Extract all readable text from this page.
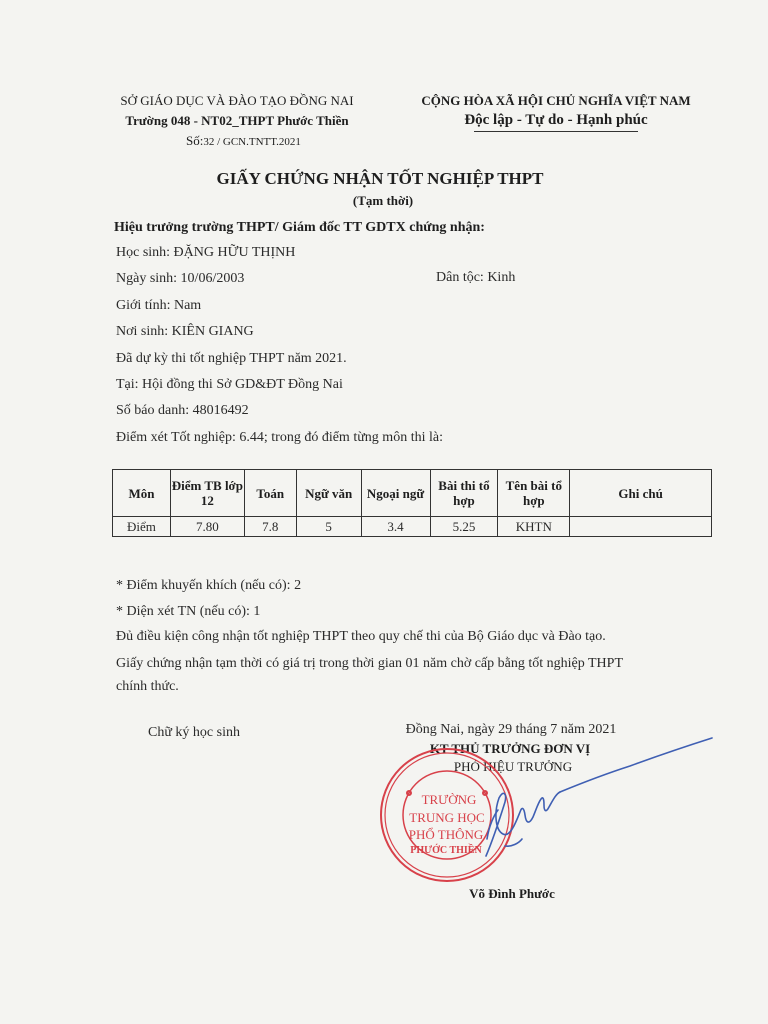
SỞ GIÁO DỤC VÀ ĐÀO TẠO ĐỒNG NAI
Trường 048 - NT02_THPT Phước Thiền
Số:32 / GCN.TNTT.2021
CỘNG HÒA XÃ HỘI CHỦ NGHĨA VIỆT NAM
Độc lập - Tự do - Hạnh phúc
GIẤY CHỨNG NHẬN TỐT NGHIỆP THPT
(Tạm thời)
Hiệu trưởng trường THPT/ Giám đốc TT GDTX chứng nhận:
Học sinh: ĐẶNG HỮU THỊNH
Ngày sinh: 10/06/2003	Dân tộc: Kinh
Giới tính: Nam
Nơi sinh: KIÊN GIANG
Đã dự kỳ thi tốt nghiệp THPT năm 2021.
Tại: Hội đồng thi Sở GD&ĐT Đồng Nai
Số báo danh: 48016492
Điểm xét Tốt nghiệp: 6.44; trong đó điểm từng môn thi là:
Môn	Điểm TB lớp 12	Toán	Ngữ văn	Ngoại ngữ	Bài thi tổ hợp	Tên bài tổ hợp	Ghi chú
Điểm	7.80	7.8	5	3.4	5.25	KHTN	
* Điểm khuyến khích (nếu có): 2
* Diện xét TN (nếu có): 1
Đủ điều kiện công nhận tốt nghiệp THPT theo quy chế thi của Bộ Giáo dục và Đào tạo.
Giấy chứng nhận tạm thời có giá trị trong thời gian 01 năm chờ cấp bằng tốt nghiệp THPT
chính thức.
Chữ ký học sinh	Đồng Nai, ngày 29 tháng 7 năm 2021
KT THỦ TRƯỞNG ĐƠN VỊ
PHÓ HIỆU TRƯỞNG
TRƯỜNG
TRUNG HỌC
PHỔ THÔNG
PHƯỚC THIỀN
Võ Đình Phước
